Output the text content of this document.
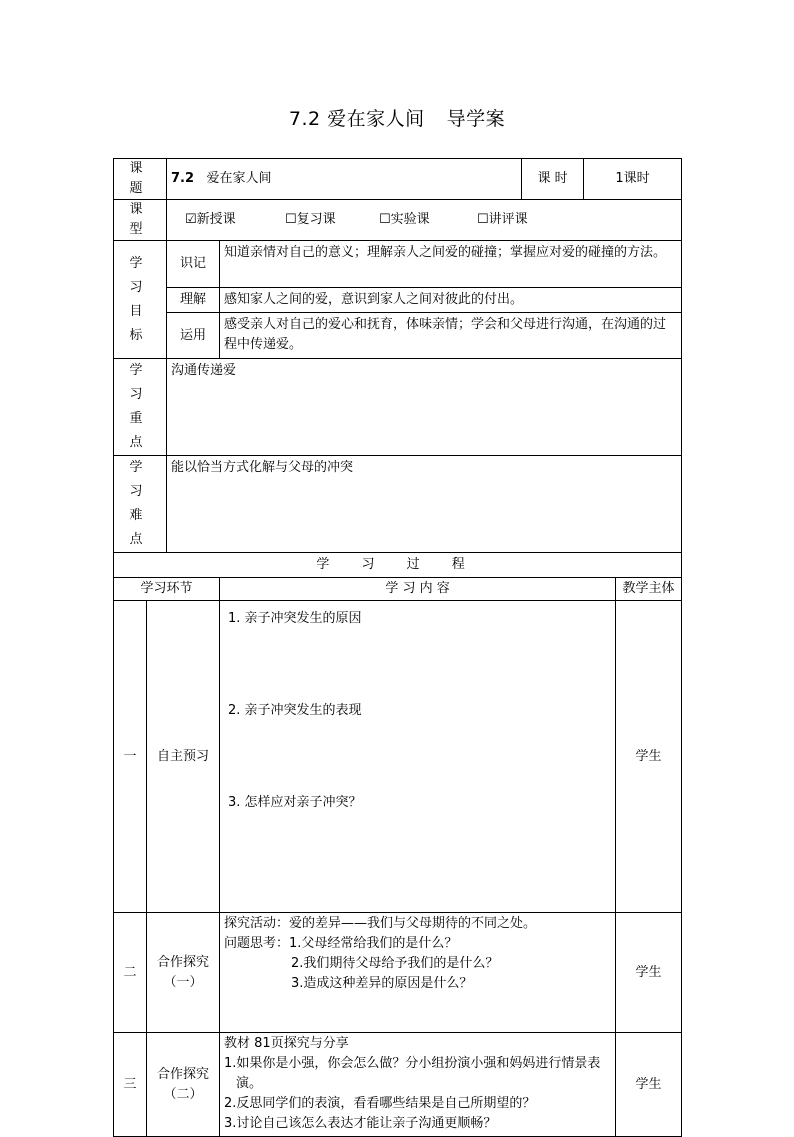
7.2 爱在家人间 导学案
课 题		7.2 爱在家人间		课 时	1课时	
课 型		☑新授课 ☐复习课 ☐实验课 ☐讲评课				
学 习 目 标		识记	知道亲情对自己的意义；理解亲人之间爱的碰撞；掌握应对爱的碰撞的方法。			
		理解	感知家人之间的爱，意识到家人之间对彼此的付出。			
		运用	感受亲人对自己的爱心和抚育，体味亲情；学会和父母进行沟通，在沟通的过程中传递爱。			
学 习 重 点		沟通传递爱				
学 习 难 点		能以恰当方式化解与父母的冲突				
学 习 过 程						
学习环节			学 习 内 容			教学主体
一	自主预习		1. 亲子冲突发生的原因

2. 亲子冲突发生的表现

3. 怎样应对亲子冲突？			学生
二	合作探究（一）		探究活动：爱的差异——我们与父母期待的不同之处。

问题思考：1.父母经常给我们的是什么？

2.我们期待父母给予我们的是什么？

3.造成这种差异的原因是什么？			学生
三	合作探究（二）		教材 81页探究与分享

1.如果你是小强，你会怎么做？分小组扮演小强和妈妈进行情景表演。

2.反思同学们的表演，看看哪些结果是自己所期望的？

3.讨论自己该怎么表达才能让亲子沟通更顺畅？			学生
